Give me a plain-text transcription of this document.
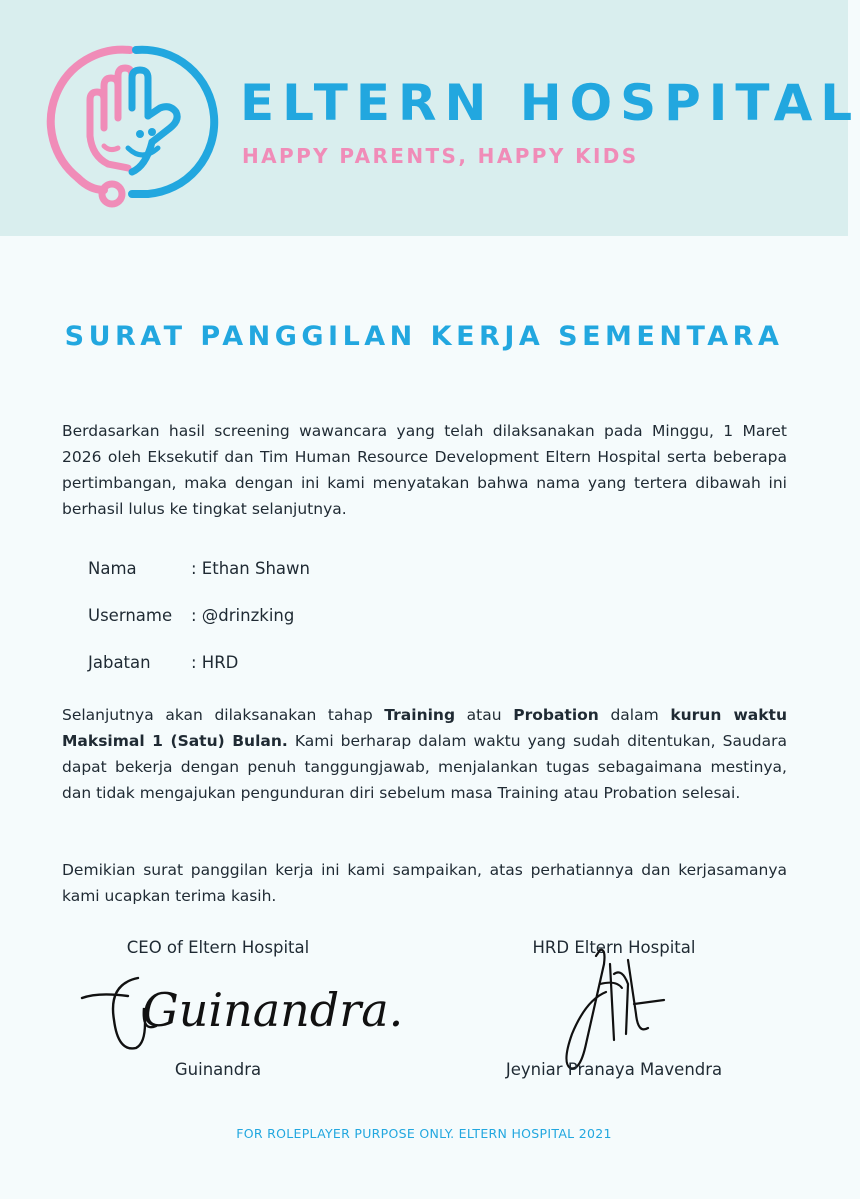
ELTERN HOSPITAL
HAPPY PARENTS, HAPPY KIDS
SURAT PANGGILAN KERJA SEMENTARA

Berdasarkan hasil screening wawancara yang telah dilaksanakan pada Minggu, 1 Maret 2026 oleh Eksekutif dan Tim Human Resource Development Eltern Hospital serta beberapa pertimbangan, maka dengan ini kami menyatakan bahwa nama yang tertera dibawah ini berhasil lulus ke tingkat selanjutnya.

Nama	: Ethan Shawn
Username : @drinzking
Jabatan : HRD

Selanjutnya akan dilaksanakan tahap Training atau Probation dalam kurun waktu Maksimal 1 (Satu) Bulan. Kami berharap dalam waktu yang sudah ditentukan, Saudara dapat bekerja dengan penuh tanggungjawab, menjalankan tugas sebagaimana mestinya, dan tidak mengajukan pengunduran diri sebelum masa Training atau Probation selesai.

Demikian surat panggilan kerja ini kami sampaikan, atas perhatiannya dan kerjasamanya kami ucapkan terima kasih.

CEO of Eltern Hospital
Guinandra.
Guinandra
HRD Eltern Hospital
Jeyniar Pranaya Mavendra
FOR ROLEPLAYER PURPOSE ONLY. ELTERN HOSPITAL 2021
